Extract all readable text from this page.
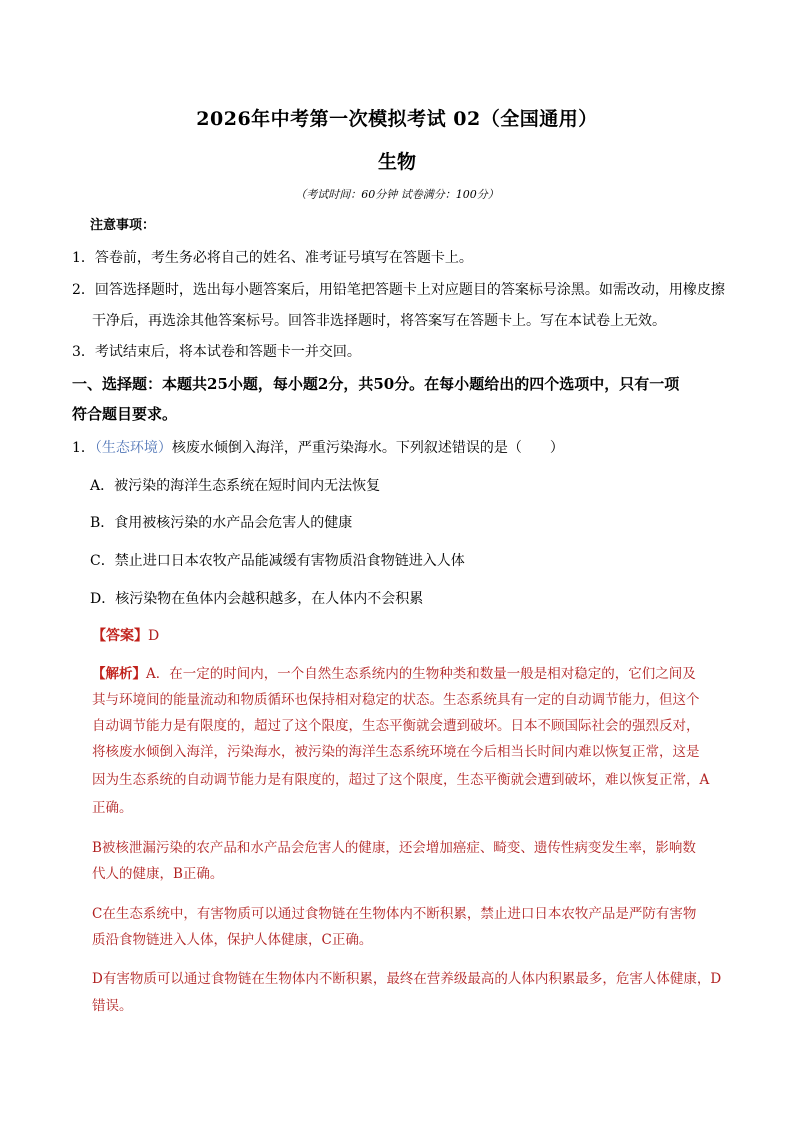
2026年中考第一次模拟考试 02（全国通用）
生物
（考试时间：60分钟 试卷满分：100分）
注意事项：
1．答卷前，考生务必将自己的姓名、准考证号填写在答题卡上。
2．回答选择题时，选出每小题答案后，用铅笔把答题卡上对应题目的答案标号涂黑。如需改动，用橡皮擦
干净后，再选涂其他答案标号。回答非选择题时，将答案写在答题卡上。写在本试卷上无效。
3．考试结束后，将本试卷和答题卡一并交回。
一、选择题：本题共25小题，每小题2分，共50分。在每小题给出的四个选项中，只有一项
符合题目要求。
1．（生态环境）核废水倾倒入海洋，严重污染海水。下列叙述错误的是（　　）
A．被污染的海洋生态系统在短时间内无法恢复
B．食用被核污染的水产品会危害人的健康
C．禁止进口日本农牧产品能减缓有害物质沿食物链进入人体
D．核污染物在鱼体内会越积越多，在人体内不会积累
【答案】D
【解析】A．在一定的时间内，一个自然生态系统内的生物种类和数量一般是相对稳定的，它们之间及
其与环境间的能量流动和物质循环也保持相对稳定的状态。生态系统具有一定的自动调节能力，但这个
自动调节能力是有限度的，超过了这个限度，生态平衡就会遭到破坏。日本不顾国际社会的强烈反对，
将核废水倾倒入海洋，污染海水，被污染的海洋生态系统环境在今后相当长时间内难以恢复正常，这是
因为生态系统的自动调节能力是有限度的，超过了这个限度，生态平衡就会遭到破坏，难以恢复正常，A
正确。
B被核泄漏污染的农产品和水产品会危害人的健康，还会增加癌症、畸变、遗传性病变发生率，影响数
代人的健康，B正确。
C在生态系统中，有害物质可以通过食物链在生物体内不断积累，禁止进口日本农牧产品是严防有害物
质沿食物链进入人体，保护人体健康，C正确。
D有害物质可以通过食物链在生物体内不断积累，最终在营养级最高的人体内积累最多，危害人体健康，D
错误。
